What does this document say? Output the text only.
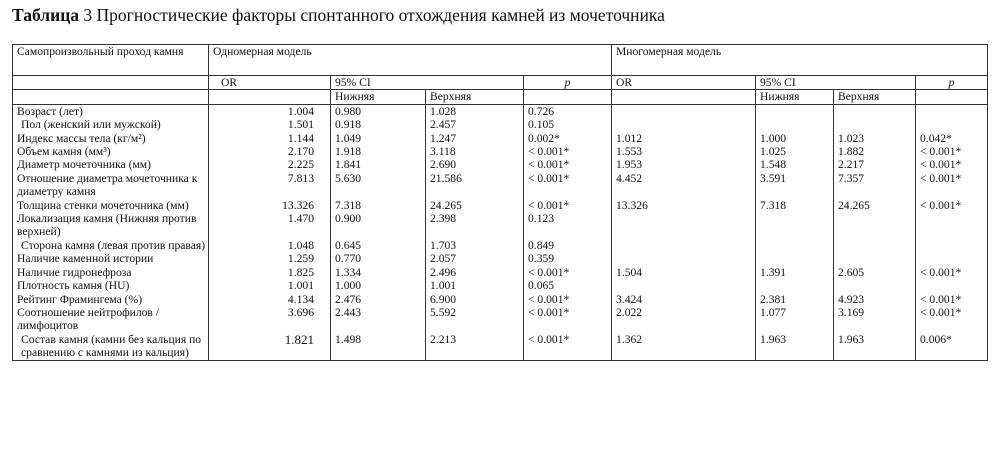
Таблица 3 Прогностические факторы спонтанного отхождения камней из мочеточника
Самопроизвольный проход камня	Одномерная модель				Многомерная модель			
	OR	95% CI		p	OR	95% CI		p
		Нижняя	Верхняя			Нижняя	Верхняя	
Возраст (лет)	1.004	0.980	1.028	0.726				
Пол (женский или мужской)	1.501	0.918	2.457	0.105				
Индекс массы тела (кг/м²)	1.144	1.049	1.247	0.002*	1.012	1.000	1.023	0.042*
Объем камня (мм³)	2.170	1.918	3.118	< 0.001*	1.553	1.025	1.882	< 0.001*
Диаметр мочеточника (мм)	2.225	1.841	2.690	< 0.001*	1.953	1.548	2.217	< 0.001*
Отношение диаметра мочеточника к диаметру камня	7.813	5.630	21.586	< 0.001*	4.452	3.591	7.357	< 0.001*
Толщина стенки мочеточника (мм)	13.326	7.318	24.265	< 0.001*	13.326	7.318	24.265	< 0.001*
Локализация камня (Нижняя против верхней)	1.470	0.900	2.398	0.123				
Сторона камня (левая против правая)	1.048	0.645	1.703	0.849				
Наличие каменной истории	1.259	0.770	2.057	0.359				
Наличие гидронефроза	1.825	1.334	2.496	< 0.001*	1.504	1.391	2.605	< 0.001*
Плотность камня (HU)	1.001	1.000	1.001	0.065				
Рейтинг Фрамингема (%)	4.134	2.476	6.900	< 0.001*	3.424	2.381	4.923	< 0.001*
Соотношение нейтрофилов / лимфоцитов	3.696	2.443	5.592	< 0.001*	2.022	1.077	3.169	< 0.001*
Состав камня (камни без кальция по сравнению с камнями из кальция)	1.821	1.498	2.213	< 0.001*	1.362	1.963	1.963	0.006*
